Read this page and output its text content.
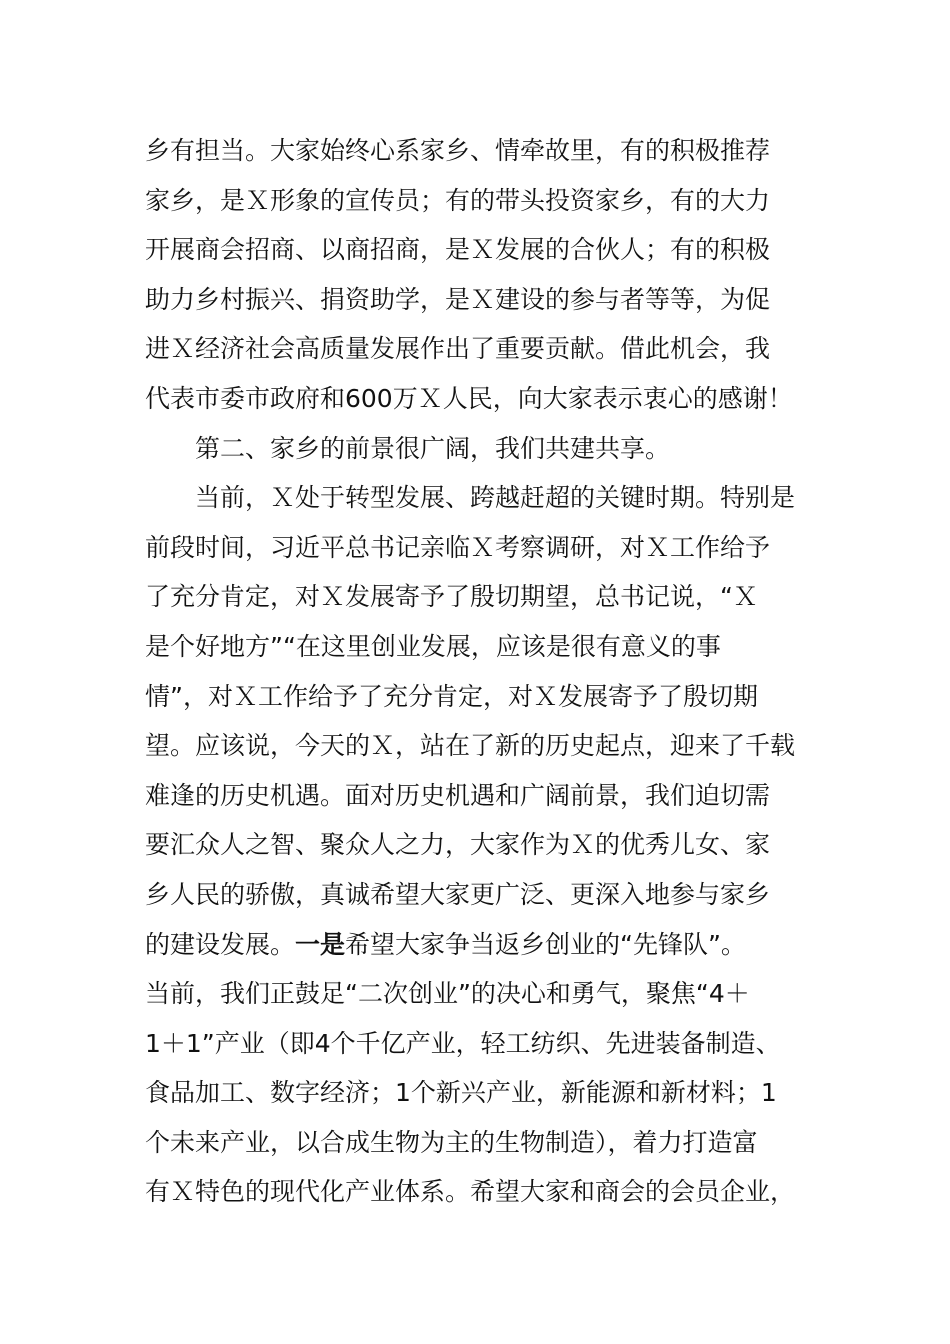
乡有担当。大家始终心系家乡、情牵故里，有的积极推荐
家乡，是Ｘ形象的宣传员；有的带头投资家乡，有的大力
开展商会招商、以商招商，是Ｘ发展的合伙人；有的积极
助力乡村振兴、捐资助学，是Ｘ建设的参与者等等，为促
进Ｘ经济社会高质量发展作出了重要贡献。借此机会，我
代表市委市政府和600万Ｘ人民，向大家表示衷心的感谢！
第二、家乡的前景很广阔，我们共建共享。
当前，Ｘ处于转型发展、跨越赶超的关键时期。特别是
前段时间，习近平总书记亲临Ｘ考察调研，对Ｘ工作给予
了充分肯定，对Ｘ发展寄予了殷切期望，总书记说，“Ｘ
是个好地方”“在这里创业发展，应该是很有意义的事
情”，对Ｘ工作给予了充分肯定，对Ｘ发展寄予了殷切期
望。应该说，今天的Ｘ，站在了新的历史起点，迎来了千载
难逢的历史机遇。面对历史机遇和广阔前景，我们迫切需
要汇众人之智、聚众人之力，大家作为Ｘ的优秀儿女、家
乡人民的骄傲，真诚希望大家更广泛、更深入地参与家乡
的建设发展。一是希望大家争当返乡创业的“先锋队”。
当前，我们正鼓足“二次创业”的决心和勇气，聚焦“4＋
1＋1”产业（即4个千亿产业，轻工纺织、先进装备制造、
食品加工、数字经济；1个新兴产业，新能源和新材料；1
个未来产业，以合成生物为主的生物制造），着力打造富
有Ｘ特色的现代化产业体系。希望大家和商会的会员企业，
